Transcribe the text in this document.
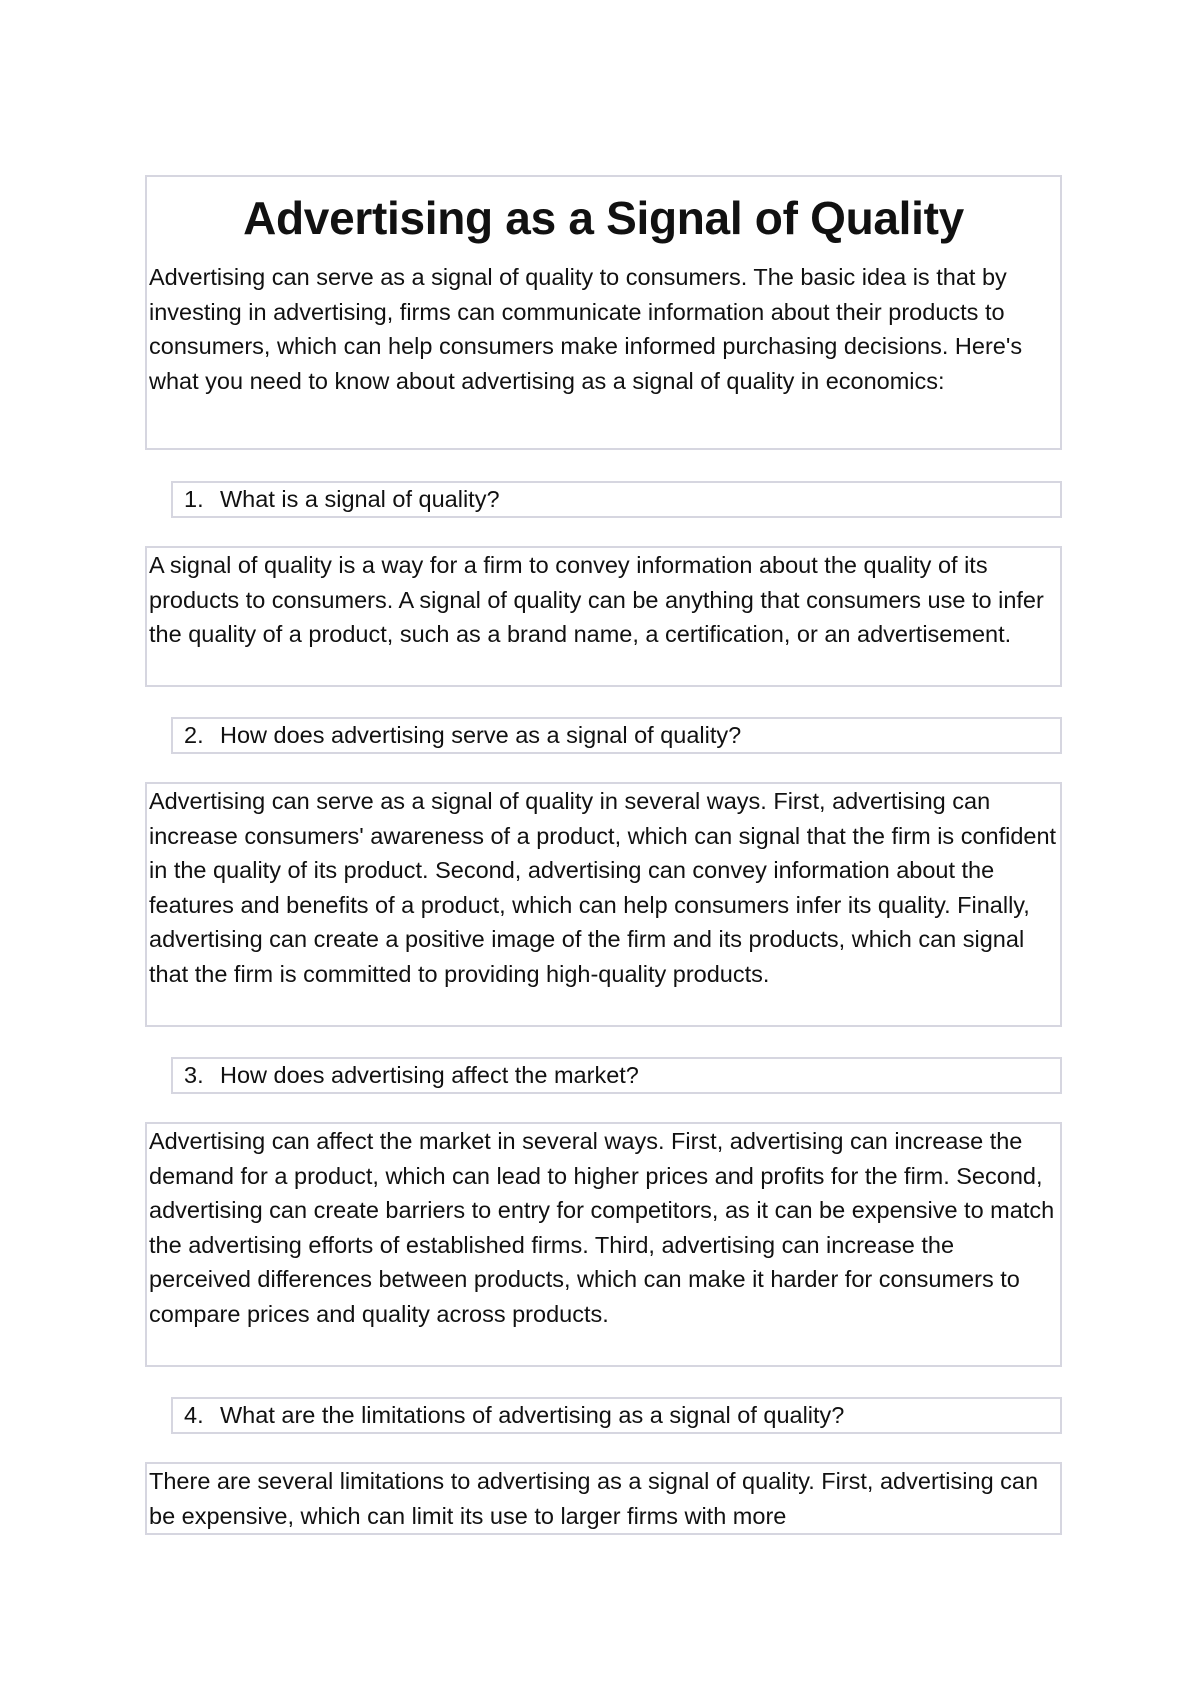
Advertising as a Signal of Quality
Advertising can serve as a signal of quality to consumers. The basic idea is that by investing in advertising, firms can communicate information about their products to consumers, which can help consumers make informed purchasing decisions. Here's what you need to know about advertising as a signal of quality in economics:
1. What is a signal of quality?
A signal of quality is a way for a firm to convey information about the quality of its products to consumers. A signal of quality can be anything that consumers use to infer the quality of a product, such as a brand name, a certification, or an advertisement.
2. How does advertising serve as a signal of quality?
Advertising can serve as a signal of quality in several ways. First, advertising can increase consumers' awareness of a product, which can signal that the firm is confident in the quality of its product. Second, advertising can convey information about the features and benefits of a product, which can help consumers infer its quality. Finally, advertising can create a positive image of the firm and its products, which can signal that the firm is committed to providing high-quality products.
3. How does advertising affect the market?
Advertising can affect the market in several ways. First, advertising can increase the demand for a product, which can lead to higher prices and profits for the firm. Second, advertising can create barriers to entry for competitors, as it can be expensive to match the advertising efforts of established firms. Third, advertising can increase the perceived differences between products, which can make it harder for consumers to compare prices and quality across products.
4. What are the limitations of advertising as a signal of quality?
There are several limitations to advertising as a signal of quality. First, advertising can be expensive, which can limit its use to larger firms with more
